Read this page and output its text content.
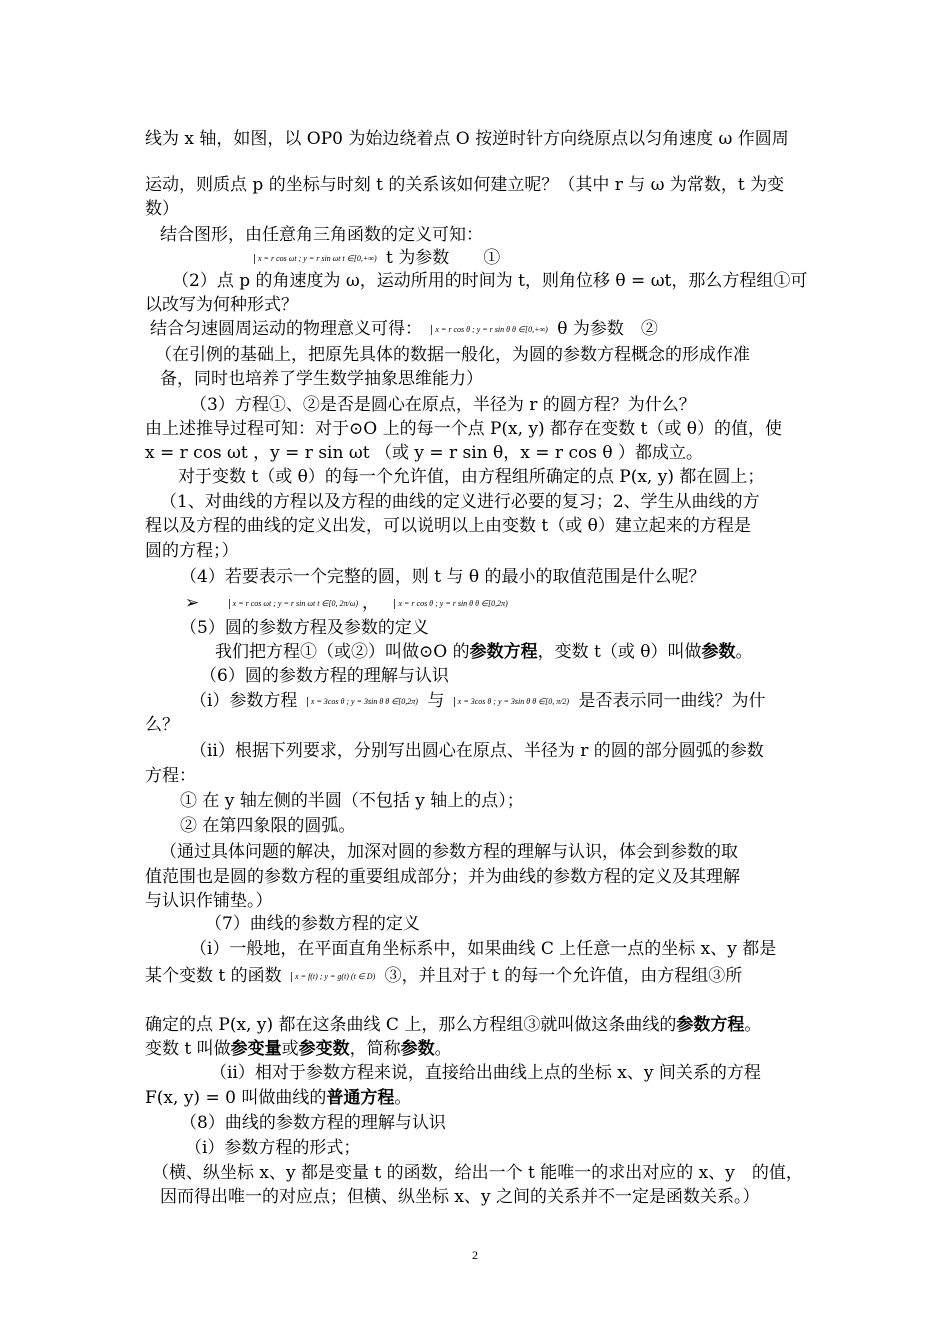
线为 x 轴，如图，以 OP0 为始边绕着点 O 按逆时针方向绕原点以匀角速度 ω 作圆周
运动，则质点 p 的坐标与时刻 t 的关系该如何建立呢？（其中 r 与 ω 为常数，t 为变
数）
结合图形，由任意角三角函数的定义可知：
x = r cos ωt ; y = r sin ωt t ∈[0,+∞) t 为参数　　①
（2）点 p 的角速度为 ω，运动所用的时间为 t，则角位移 θ = ωt，那么方程组①可
以改写为何种形式？
结合匀速圆周运动的物理意义可得： x = r cos θ ; y = r sin θ θ ∈[0,+∞) θ 为参数　②
（在引例的基础上，把原先具体的数据一般化，为圆的参数方程概念的形成作准
备，同时也培养了学生数学抽象思维能力）
（3）方程①、②是否是圆心在原点，半径为 r 的圆方程？为什么？
由上述推导过程可知：对于⊙O 上的每一个点 P(x, y) 都存在变数 t（或 θ）的值，使
x = r cos ωt ，y = r sin ωt （或 y = r sin θ，x = r cos θ ）都成立。
对于变数 t（或 θ）的每一个允许值，由方程组所确定的点 P(x, y) 都在圆上；
（1、对曲线的方程以及方程的曲线的定义进行必要的复习；2、学生从曲线的方
程以及方程的曲线的定义出发，可以说明以上由变数 t（或 θ）建立起来的方程是
圆的方程；）
（4）若要表示一个完整的圆，则 t 与 θ 的最小的取值范围是什么呢？
➢	x = r cos ωt ; y = r sin ωt t ∈[0, 2π/ω) ， x = r cos θ ; y = r sin θ θ ∈[0,2π)
（5）圆的参数方程及参数的定义
我们把方程①（或②）叫做⊙O 的参数方程，变数 t（或 θ）叫做参数。
（6）圆的参数方程的理解与认识
（ⅰ）参数方程 x = 3cos θ ; y = 3sin θ θ ∈[0,2π) 与 x = 3cos θ ; y = 3sin θ θ ∈[0, π/2) 是否表示同一曲线？为什
么？
（ⅱ）根据下列要求，分别写出圆心在原点、半径为 r 的圆的部分圆弧的参数
方程：
① 在 y 轴左侧的半圆（不包括 y 轴上的点）；
② 在第四象限的圆弧。
（通过具体问题的解决，加深对圆的参数方程的理解与认识，体会到参数的取
值范围也是圆的参数方程的重要组成部分；并为曲线的参数方程的定义及其理解
与认识作铺垫。）
（7）曲线的参数方程的定义
（ⅰ）一般地，在平面直角坐标系中，如果曲线 C 上任意一点的坐标 x、y 都是
某个变数 t 的函数 x = f(t) ; y = g(t) (t ∈ D) ③，并且对于 t 的每一个允许值，由方程组③所
确定的点 P(x, y) 都在这条曲线 C 上，那么方程组③就叫做这条曲线的参数方程。
变数 t 叫做参变量或参变数，简称参数。
（ⅱ）相对于参数方程来说，直接给出曲线上点的坐标 x、y 间关系的方程
F(x, y) = 0 叫做曲线的普通方程。
（8）曲线的参数方程的理解与认识
（ⅰ）参数方程的形式；
（横、纵坐标 x、y 都是变量 t 的函数，给出一个 t 能唯一的求出对应的 x、y　的值，
因而得出唯一的对应点；但横、纵坐标 x、y 之间的关系并不一定是函数关系。）
2
